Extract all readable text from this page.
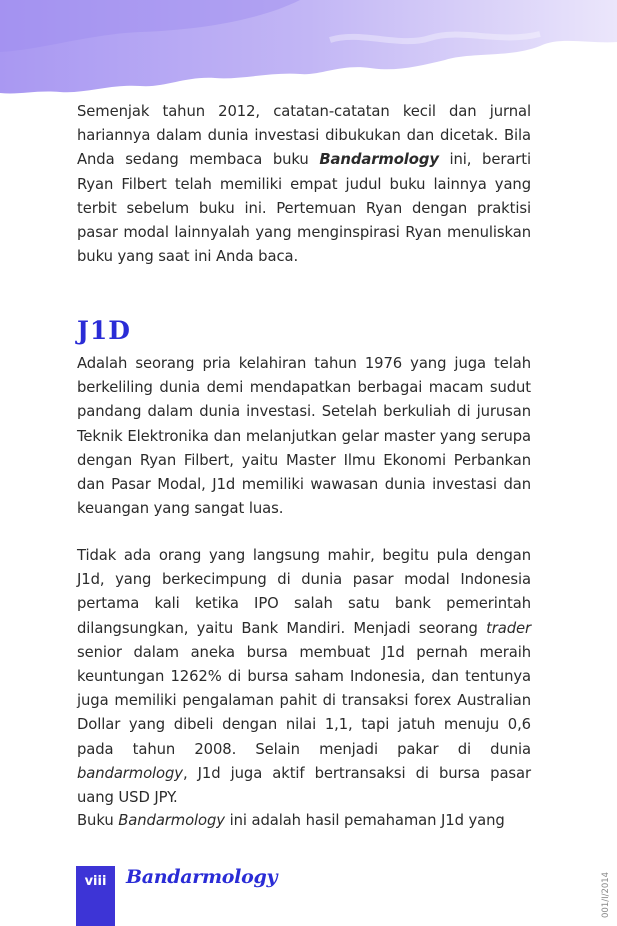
Semenjak tahun 2012, catatan-catatan kecil dan jurnal hariannya dalam dunia investasi dibukukan dan dicetak. Bila Anda sedang membaca buku Bandarmology ini, berarti Ryan Filbert telah memiliki empat judul buku lainnya yang terbit sebelum buku ini. Pertemuan Ryan dengan praktisi pasar modal lainnyalah yang menginspirasi Ryan menuliskan buku yang saat ini Anda baca.

J1D

Adalah seorang pria kelahiran tahun 1976 yang juga telah berkeliling dunia demi mendapatkan berbagai macam sudut pandang dalam dunia investasi. Setelah berkuliah di jurusan Teknik Elektronika dan melanjutkan gelar master yang serupa dengan Ryan Filbert, yaitu Master Ilmu Ekonomi Perbankan dan Pasar Modal, J1d memiliki wawasan dunia investasi dan keuangan yang sangat luas.

Tidak ada orang yang langsung mahir, begitu pula dengan J1d, yang berkecimpung di dunia pasar modal Indonesia pertama kali ketika IPO salah satu bank pemerintah dilangsungkan, yaitu Bank Mandiri. Menjadi seorang trader senior dalam aneka bursa membuat J1d pernah meraih keuntungan 1262% di bursa saham Indonesia, dan tentunya juga memiliki pengalaman pahit di transaksi forex Australian Dollar yang dibeli dengan nilai 1,1, tapi jatuh menuju 0,6 pada tahun 2008. Selain menjadi pakar di dunia bandarmology, J1d juga aktif bertransaksi di bursa pasar uang USD JPY.

Buku Bandarmology ini adalah hasil pemahaman J1d yang

viii	Bandarmology	001/I/2014
